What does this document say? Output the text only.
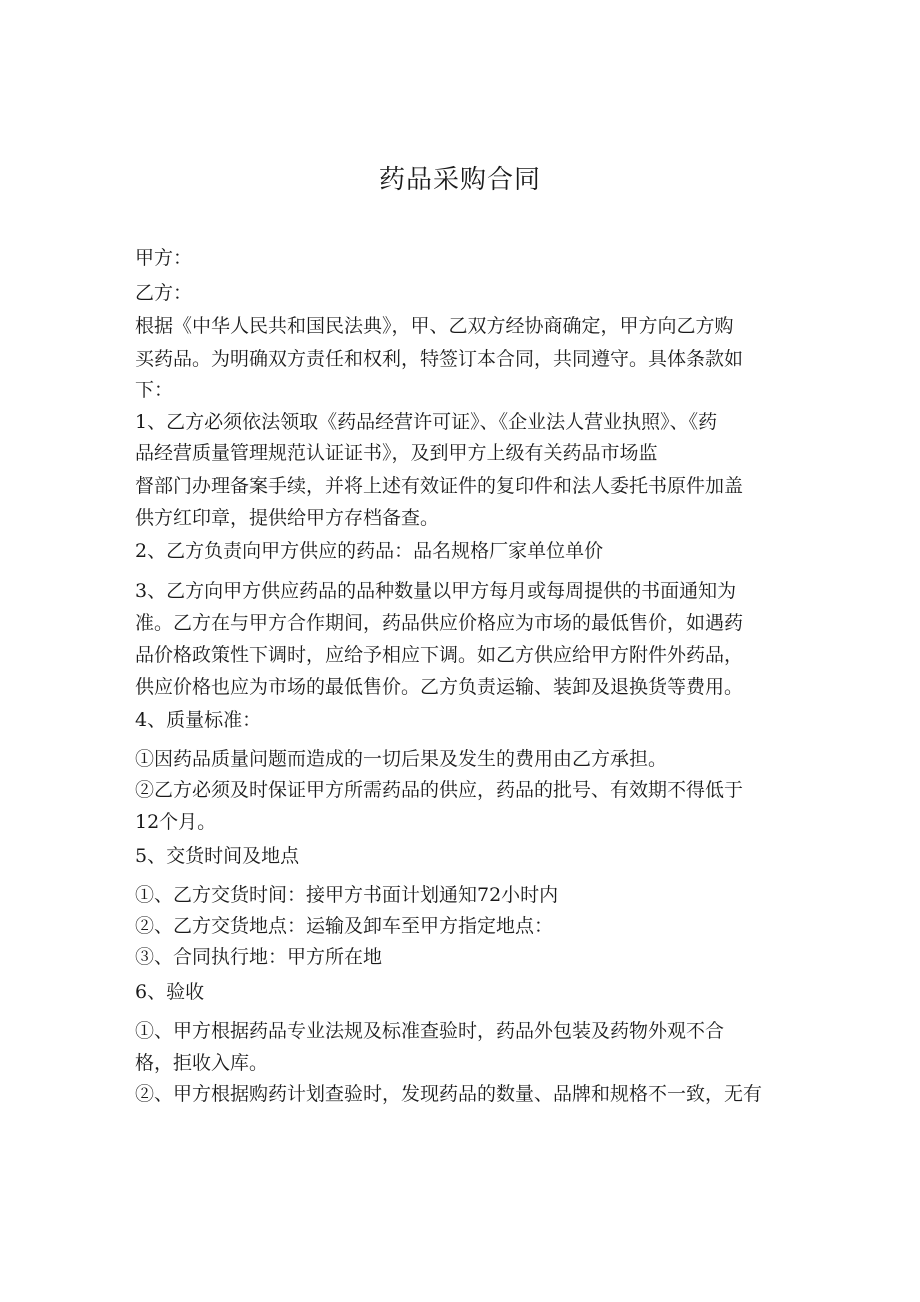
药品采购合同
甲方：
乙方：
根据《中华人民共和国民法典》，甲、乙双方经协商确定，甲方向乙方购
买药品。为明确双方责任和权利，特签订本合同，共同遵守。具体条款如
下：
1、乙方必须依法领取《药品经营许可证》、《企业法人营业执照》、《药
品经营质量管理规范认证证书》，及到甲方上级有关药品市场监
督部门办理备案手续，并将上述有效证件的复印件和法人委托书原件加盖
供方红印章，提供给甲方存档备查。
2、乙方负责向甲方供应的药品：品名规格厂家单位单价
3、乙方向甲方供应药品的品种数量以甲方每月或每周提供的书面通知为
准。乙方在与甲方合作期间，药品供应价格应为市场的最低售价，如遇药
品价格政策性下调时，应给予相应下调。如乙方供应给甲方附件外药品，
供应价格也应为市场的最低售价。乙方负责运输、装卸及退换货等费用。
4、质量标准：
①因药品质量问题而造成的一切后果及发生的费用由乙方承担。
②乙方必须及时保证甲方所需药品的供应，药品的批号、有效期不得低于
12个月。
5、交货时间及地点
①、乙方交货时间：接甲方书面计划通知72小时内
②、乙方交货地点：运输及卸车至甲方指定地点：
③、合同执行地：甲方所在地
6、验收
①、甲方根据药品专业法规及标准查验时，药品外包装及药物外观不合
格，拒收入库。
②、甲方根据购药计划查验时，发现药品的数量、品牌和规格不一致，无有
